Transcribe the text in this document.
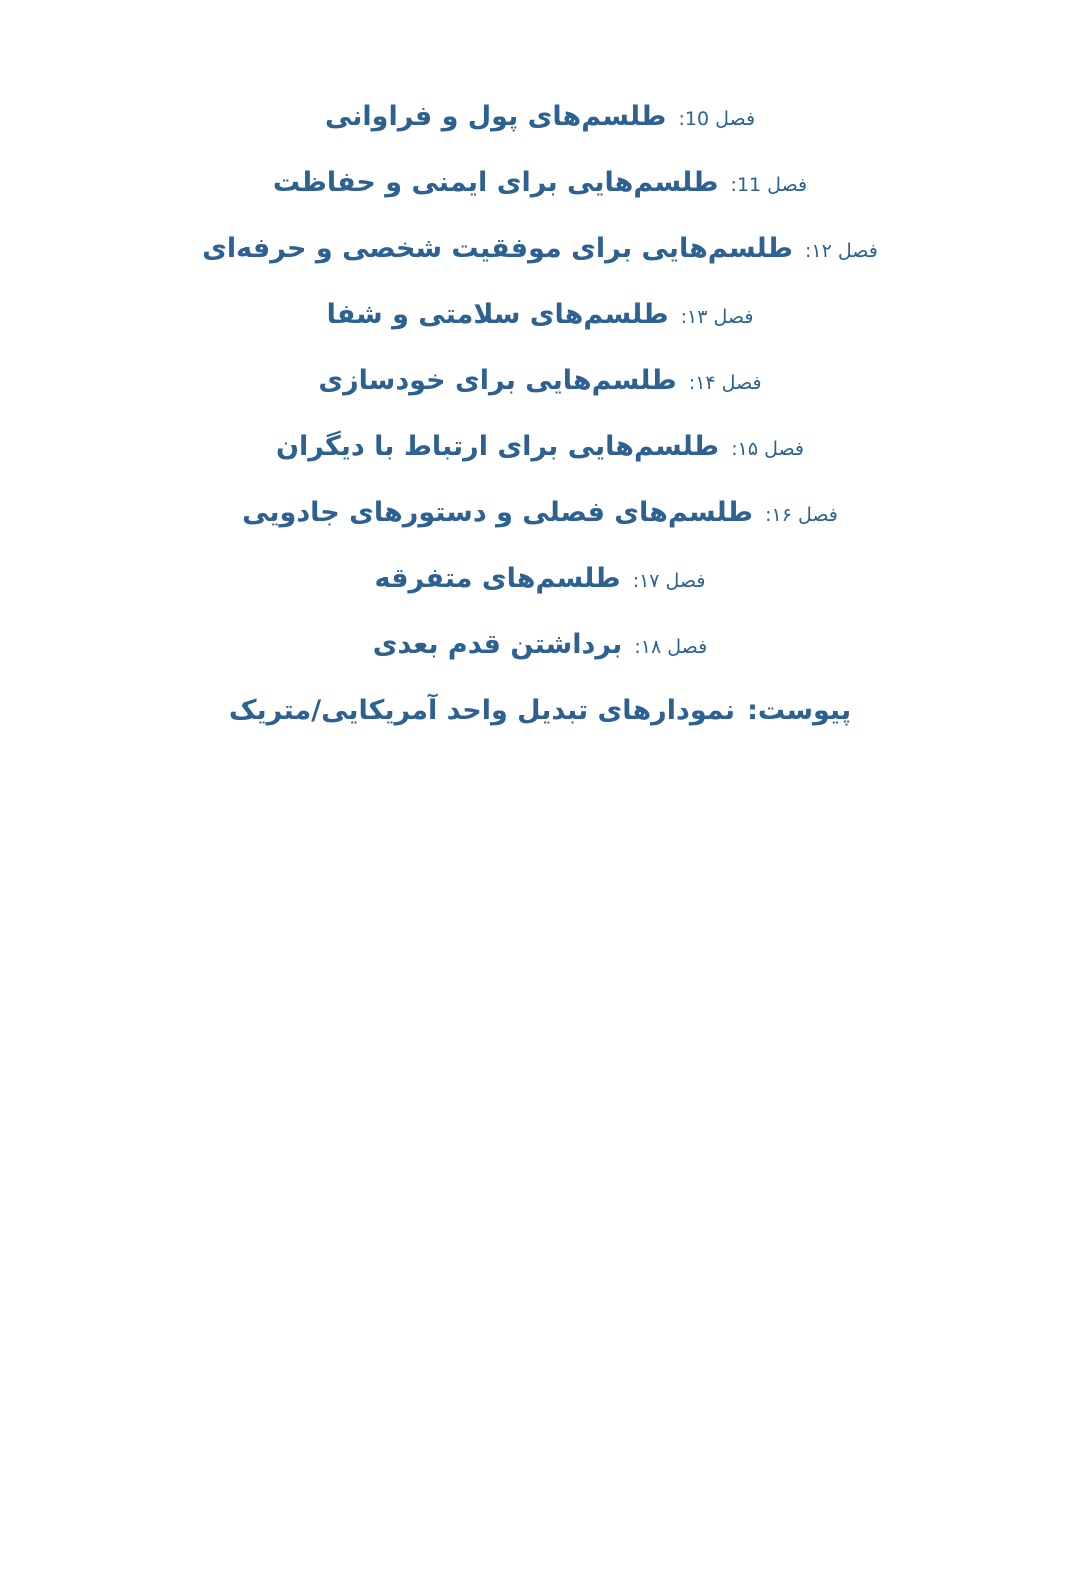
فصل 10: طلسم‌های پول و فراوانی
فصل 11: طلسم‌هایی برای ایمنی و حفاظت
فصل ۱۲: طلسم‌هایی برای موفقیت شخصی و حرفه‌ای
فصل ۱۳: طلسم‌های سلامتی و شفا
فصل ۱۴: طلسم‌هایی برای خودسازی
فصل ۱۵: طلسم‌هایی برای ارتباط با دیگران
فصل ۱۶: طلسم‌های فصلی و دستورهای جادویی
فصل ۱۷: طلسم‌های متفرقه
فصل ۱۸: برداشتن قدم بعدی
پیوست: نمودارهای تبدیل واحد آمریکایی/متریک
